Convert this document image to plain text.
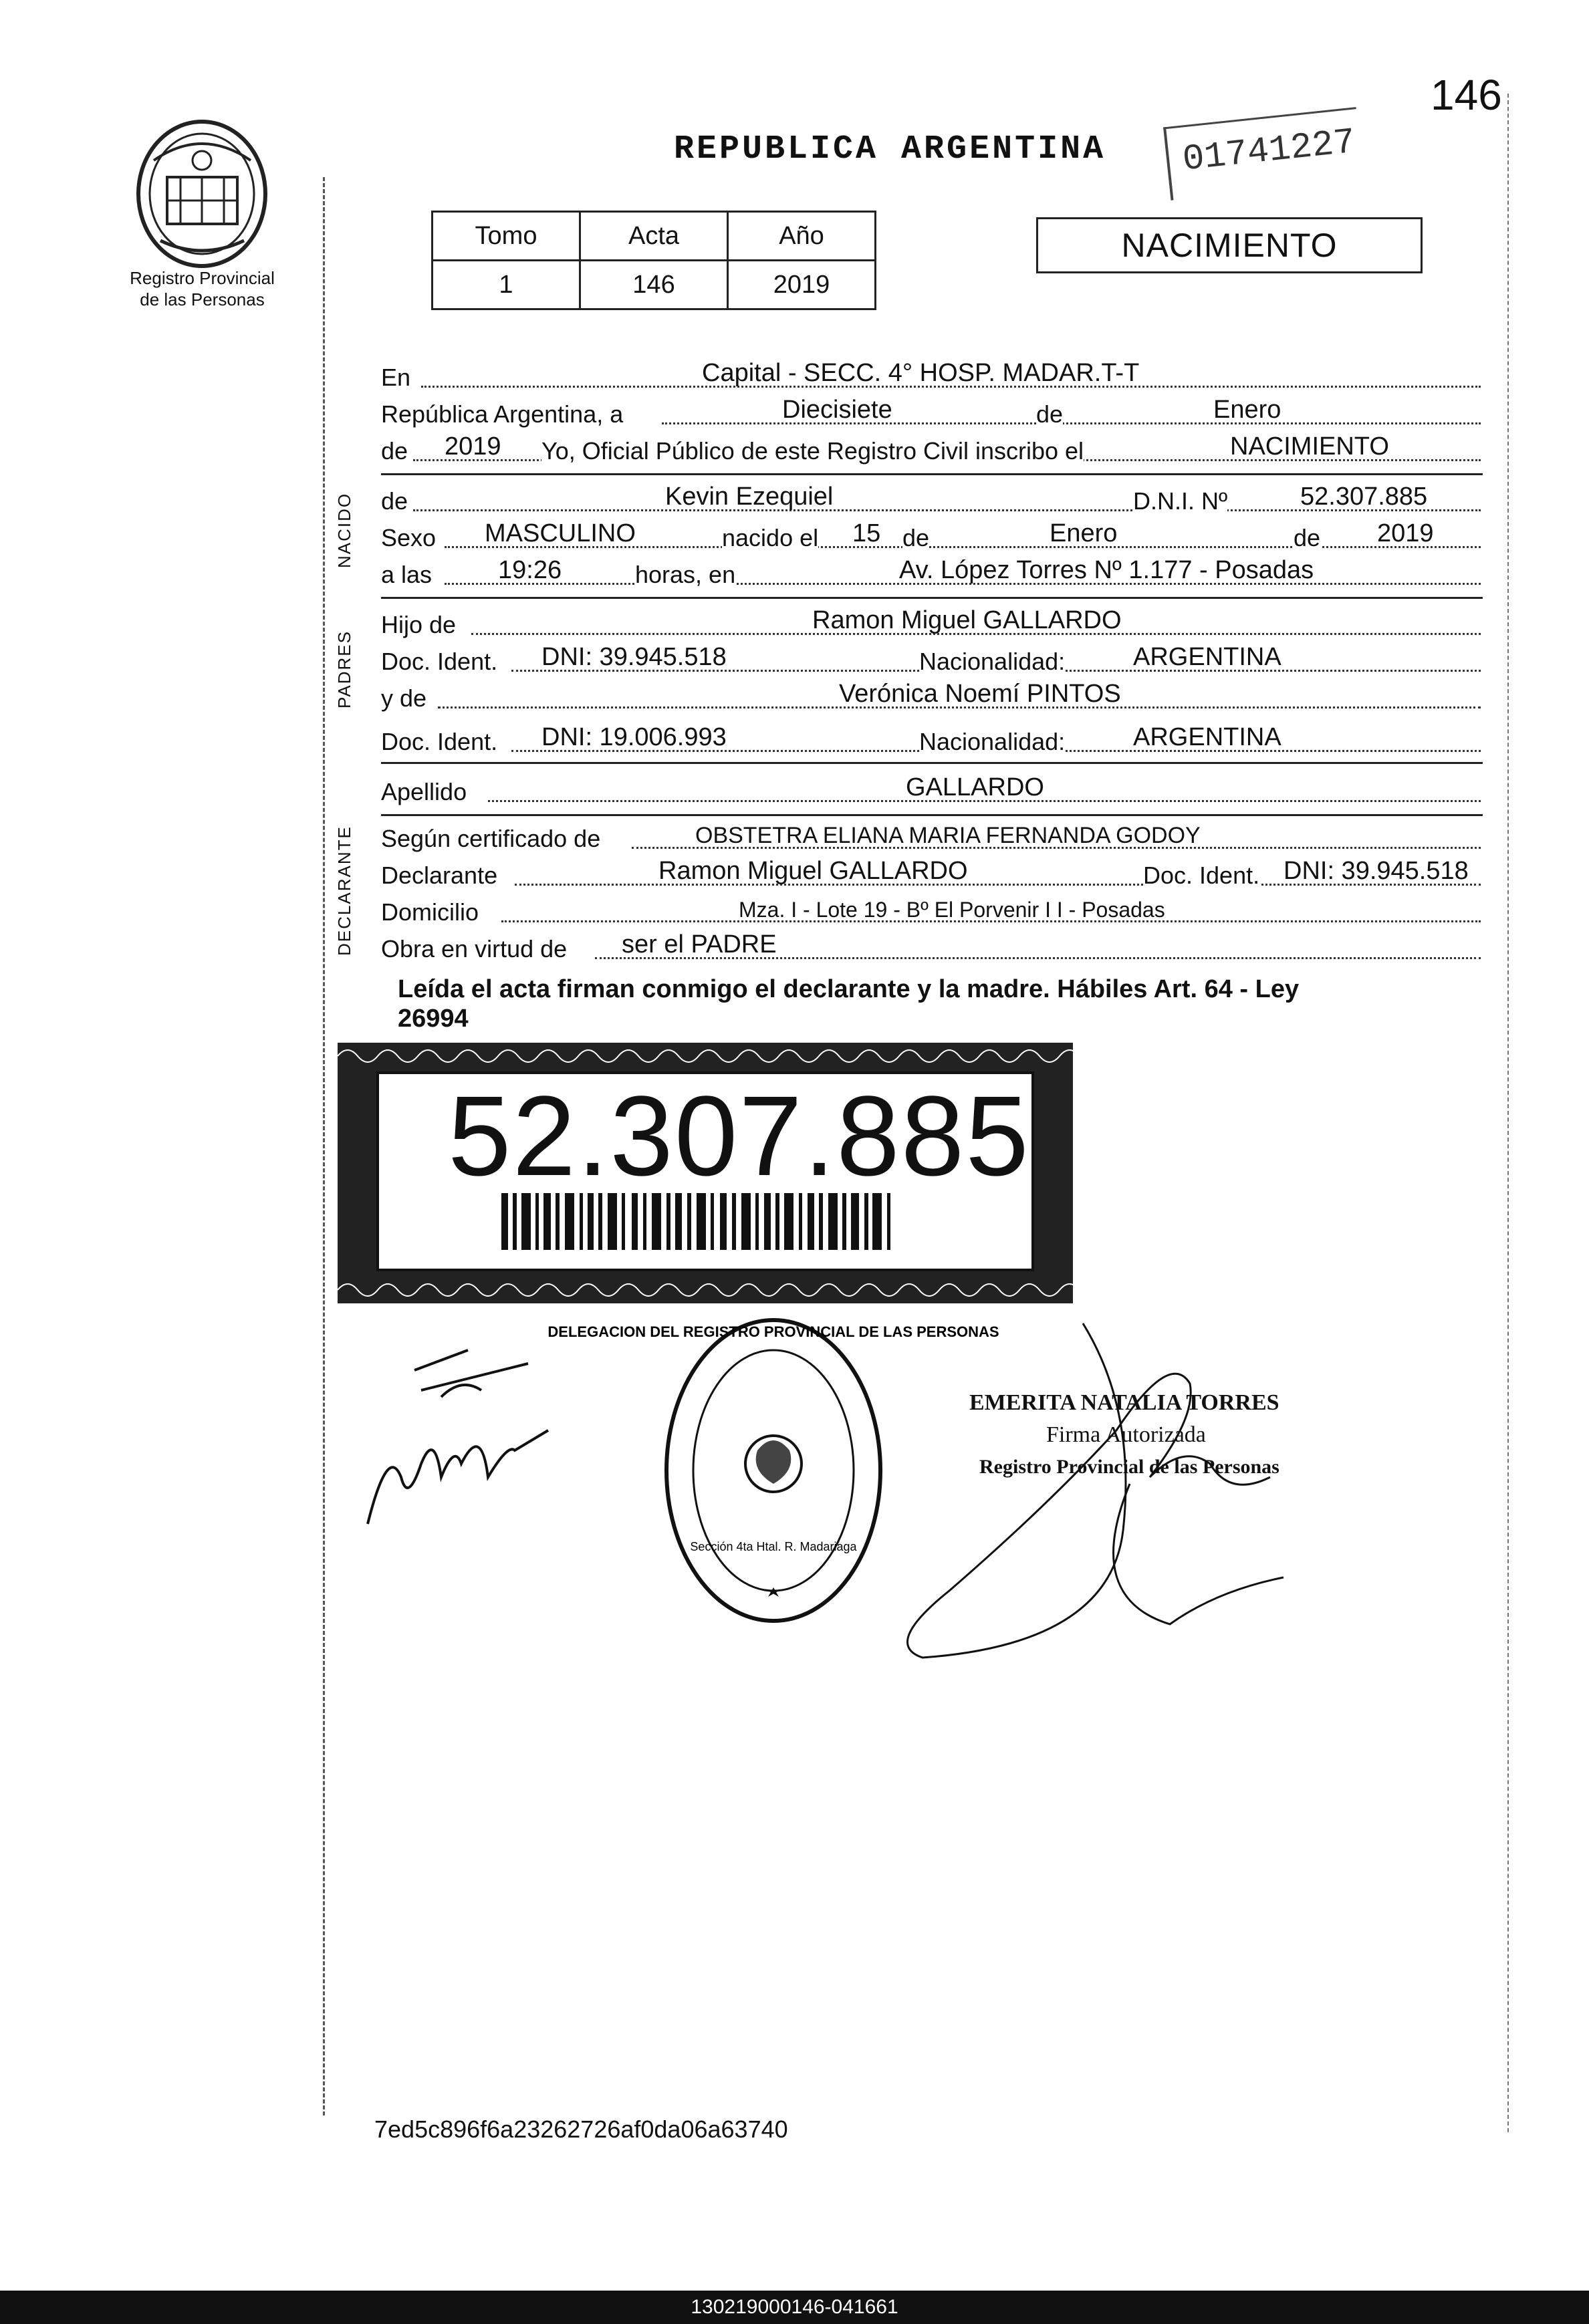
146
REPUBLICA ARGENTINA	01741227
Registro Provincial
de las Personas
Tomo	Acta	Año
1	146	2019
NACIMIENTO
NACIDO
PADRES
DECLARANTE
En	Capital - SECC. 4° HOSP. MADAR.T-T
República Argentina, a	Diecisiete	de	Enero
de 2019 Yo, Oficial Público de este Registro Civil inscribo el	NACIMIENTO
de	Kevin Ezequiel	D.N.I. Nº	52.307.885
Sexo MASCULINO	nacido el 15 de	Enero	de 2019
a las	19:26	horas, en	Av. López Torres Nº 1.177 - Posadas
Hijo de	Ramon Miguel GALLARDO
Doc. Ident. DNI: 39.945.518	Nacionalidad:	ARGENTINA
y de	Verónica Noemí PINTOS
Doc. Ident. DNI: 19.006.993	Nacionalidad:	ARGENTINA
Apellido	GALLARDO
Según certificado de	OBSTETRA ELIANA MARIA FERNANDA GODOY
Declarante	Ramon Miguel GALLARDO	Doc. Ident. DNI: 39.945.518
Domicilio	Mza. I - Lote 19 - Bº El Porvenir I I - Posadas
Obra en virtud de ser el PADRE
Leída el acta firman conmigo el declarante y la madre. Hábiles Art. 64 - Ley
26994
52.307.885
DELEGACION DEL REGISTRO PROVINCIAL DE LAS PERSONAS
Sección 4ta Htal. R. Madariaga
EMERITA NATALIA TORRES
Firma Autorizada
Registro Provincial de las Personas
7ed5c896f6a23262726af0da06a63740
130219000146-041661
